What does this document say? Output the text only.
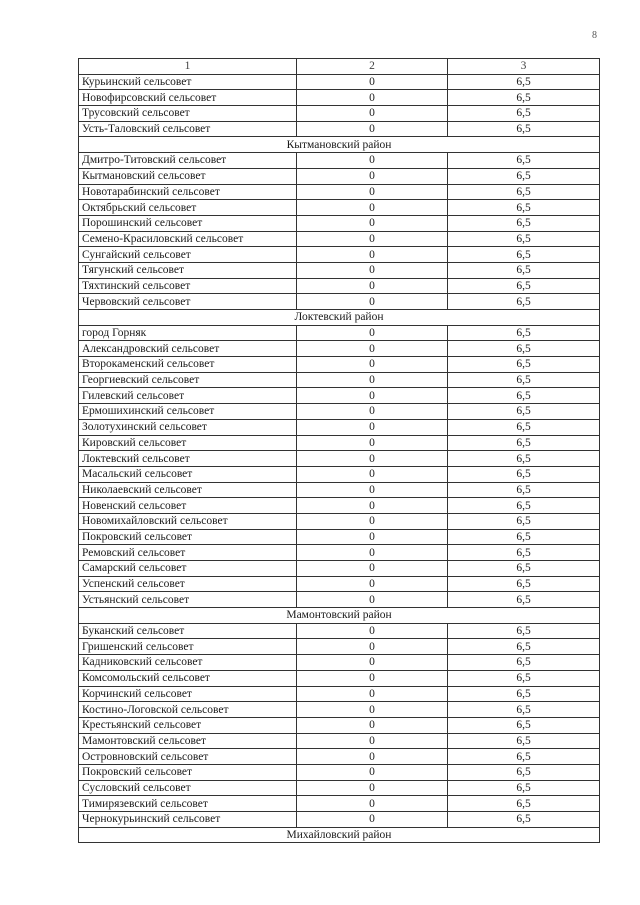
8
1	2	3
Курьинский сельсовет	0	6,5
Новофирсовский сельсовет	0	6,5
Трусовский сельсовет	0	6,5
Усть-Таловский сельсовет	0	6,5
Кытмановский район		
Дмитро-Титовский сельсовет	0	6,5
Кытмановский сельсовет	0	6,5
Новотарабинский сельсовет	0	6,5
Октябрьский сельсовет	0	6,5
Порошинский сельсовет	0	6,5
Семено-Красиловский сельсовет	0	6,5
Сунгайский сельсовет	0	6,5
Тягунский сельсовет	0	6,5
Тяхтинский сельсовет	0	6,5
Червовский сельсовет	0	6,5
Локтевский район		
город Горняк	0	6,5
Александровский сельсовет	0	6,5
Второкаменский сельсовет	0	6,5
Георгиевский сельсовет	0	6,5
Гилевский сельсовет	0	6,5
Ермошихинский сельсовет	0	6,5
Золотухинский сельсовет	0	6,5
Кировский сельсовет	0	6,5
Локтевский сельсовет	0	6,5
Масальский сельсовет	0	6,5
Николаевский сельсовет	0	6,5
Новенский сельсовет	0	6,5
Новомихайловский сельсовет	0	6,5
Покровский сельсовет	0	6,5
Ремовский сельсовет	0	6,5
Самарский сельсовет	0	6,5
Успенский сельсовет	0	6,5
Устьянский сельсовет	0	6,5
Мамонтовский район		
Буканский сельсовет	0	6,5
Гришенский сельсовет	0	6,5
Кадниковский сельсовет	0	6,5
Комсомольский сельсовет	0	6,5
Корчинский сельсовет	0	6,5
Костино-Логовской сельсовет	0	6,5
Крестьянский сельсовет	0	6,5
Мамонтовский сельсовет	0	6,5
Островновский сельсовет	0	6,5
Покровский сельсовет	0	6,5
Сусловский сельсовет	0	6,5
Тимирязевский сельсовет	0	6,5
Чернокурьинский сельсовет	0	6,5
Михайловский район		
